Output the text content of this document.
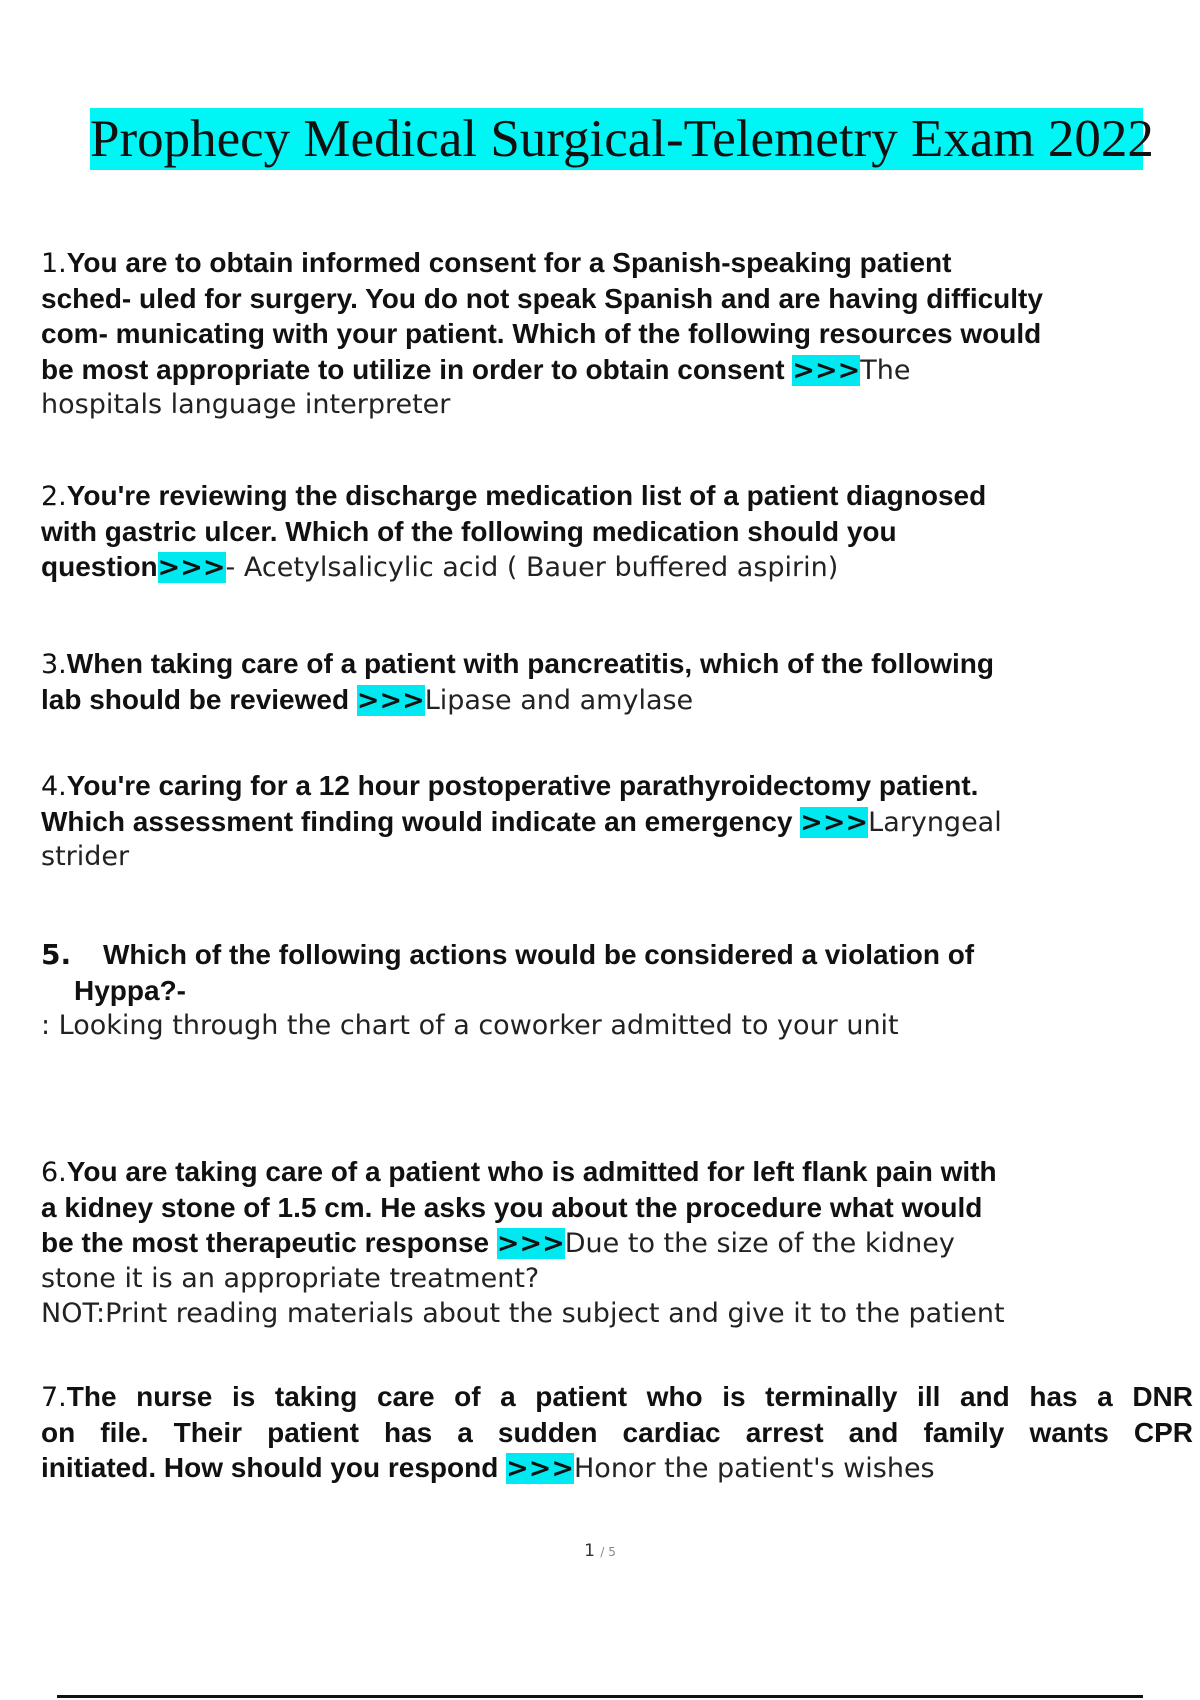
Prophecy Medical Surgical-Telemetry Exam 2022
1.You are to obtain informed consent for a Spanish-speaking patient
sched- uled for surgery. You do not speak Spanish and are having difficulty
com- municating with your patient. Which of the following resources would
be most appropriate to utilize in order to obtain consent >>>The
hospitals language interpreter
2.You're reviewing the discharge medication list of a patient diagnosed
with gastric ulcer. Which of the following medication should you
question>>>- Acetylsalicylic acid ( Bauer buffered aspirin)
3.When taking care of a patient with pancreatitis, which of the following
lab should be reviewed >>>Lipase and amylase
4.You're caring for a 12 hour postoperative parathyroidectomy patient.
Which assessment finding would indicate an emergency >>>Laryngeal
strider
5. Which of the following actions would be considered a violation of
Hyppa?-
: Looking through the chart of a coworker admitted to your unit
6.You are taking care of a patient who is admitted for left flank pain with
a kidney stone of 1.5 cm. He asks you about the procedure what would
be the most therapeutic response >>>Due to the size of the kidney
stone it is an appropriate treatment?
NOT:Print reading materials about the subject and give it to the patient
7.The nurse is taking care of a patient who is terminally ill and has a DNR
on file. Their patient has a sudden cardiac arrest and family wants CPR
initiated. How should you respond >>>Honor the patient's wishes
1 / 5
